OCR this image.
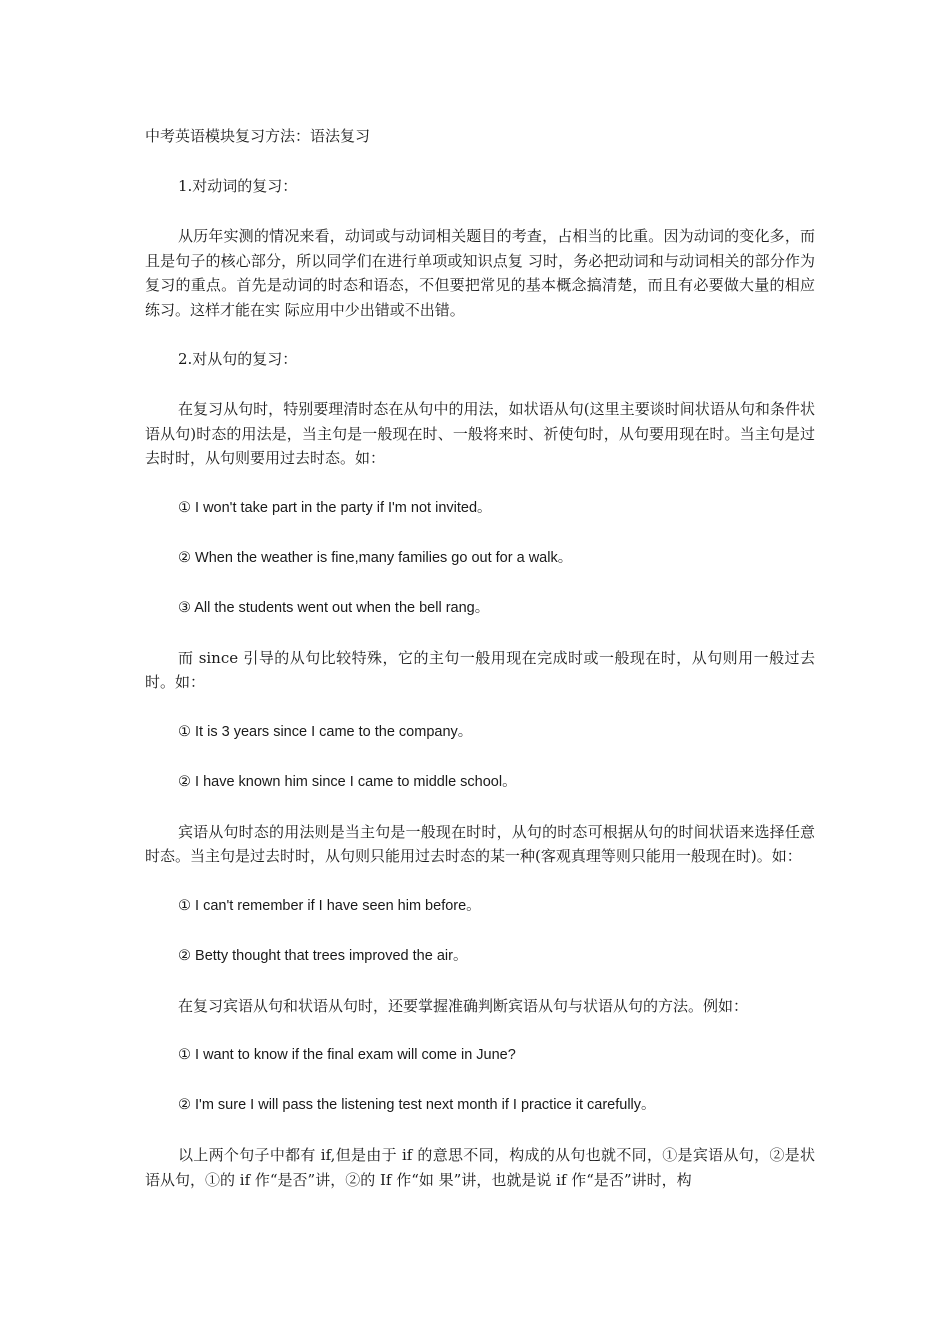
中考英语模块复习方法：语法复习

1.对动词的复习：

从历年实测的情况来看，动词或与动词相关题目的考查，占相当的比重。因为动词的变化多，而且是句子的核心部分，所以同学们在进行单项或知识点复 习时，务必把动词和与动词相关的部分作为复习的重点。首先是动词的时态和语态，不但要把常见的基本概念搞清楚，而且有必要做大量的相应练习。这样才能在实 际应用中少出错或不出错。

2.对从句的复习：

在复习从句时，特别要理清时态在从句中的用法，如状语从句(这里主要谈时间状语从句和条件状语从句)时态的用法是，当主句是一般现在时、一般将来时、祈使句时，从句要用现在时。当主句是过去时时，从句则要用过去时态。如：

① I won't take part in the party if I'm not invited。

② When the weather is fine,many families go out for a walk。

③ All the students went out when the bell rang。

而 since 引导的从句比较特殊，它的主句一般用现在完成时或一般现在时，从句则用一般过去时。如：

① It is 3 years since I came to the company。

② I have known him since I came to middle school。

宾语从句时态的用法则是当主句是一般现在时时，从句的时态可根据从句的时间状语来选择任意时态。当主句是过去时时，从句则只能用过去时态的某一种(客观真理等则只能用一般现在时)。如：

① I can't remember if I have seen him before。

② Betty thought that trees improved the air。

在复习宾语从句和状语从句时，还要掌握准确判断宾语从句与状语从句的方法。例如：

① I want to know if the final exam will come in June?

② I'm sure I will pass the listening test next month if I practice it carefully。

以上两个句子中都有 if,但是由于 if 的意思不同，构成的从句也就不同，①是宾语从句，②是状语从句，①的 if 作“是否”讲，②的 If 作“如 果”讲，也就是说 if 作“是否”讲时，构
